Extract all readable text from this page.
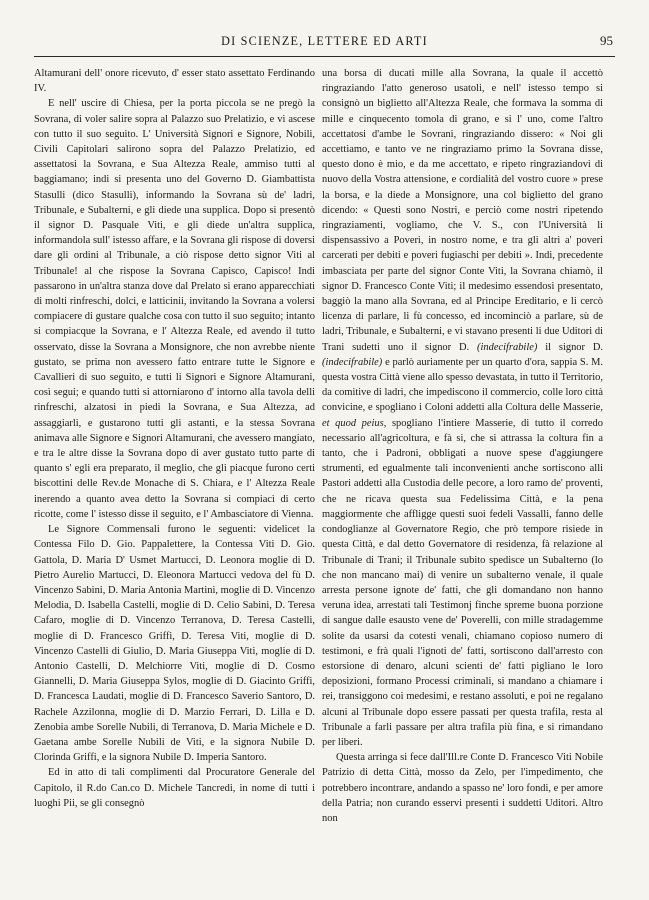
DI SCIENZE, LETTERE ED ARTI	95

Altamurani dell' onore ricevuto, d' esser stato assettato Ferdinando IV.

E nell' uscire di Chiesa, per la porta piccola se ne pregò la Sovrana, di voler salire sopra al Palazzo suo Prelatizio, e vi ascese con tutto il suo seguito. L' Università Signori e Signore, Nobili, Civili Capitolari salirono sopra del Palazzo Prelatizio, ed assettatosi la Sovrana, e Sua Altezza Reale, ammiso tutti al baggiamano; indi si presenta uno del Governo D. Giambattista Stasulli (dico Stasulli), informando la Sovrana sù de' ladri, Tribunale, e Subalterni, e gli diede una supplica. Dopo si presentò il signor D. Pasquale Viti, e gli diede un'altra supplica, informandola sull' istesso affare, e la Sovrana gli rispose di doversi dare gli ordini al Tribunale, a ciò rispose detto signor Viti al Tribunale! al che rispose la Sovrana Capisco, Capisco! Indi passarono in un'altra stanza dove dal Prelato si erano apparecchiati di molti rinfreschi, dolci, e latticinii, invitando la Sovrana a volersi compiacere di gustare qualche cosa con tutto il suo seguito; intanto si compiacque la Sovrana, e l' Altezza Reale, ed avendo il tutto osservato, disse la Sovrana a Monsignore, che non avrebbe niente gustato, se prima non avessero fatto entrare tutte le Signore e Cavallieri di suo seguito, e tutti li Signori e Signore Altamurani, così segui; e quando tutti si attorniarono d' intorno alla tavola delli rinfreschi, alzatosi in piedi la Sovrana, e Sua Altezza, ad assaggiarli, e gustarono tutti gli astanti, e la stessa Sovrana animava alle Signore e Signori Altamurani, che avessero mangiato, e tra le altre disse la Sovrana dopo di aver gustato tutto parte di quanto s' egli era preparato, il meglio, che gli piacque furono certi biscottini delle Rev.de Monache di S. Chiara, e l' Altezza Reale inerendo a quanto avea detto la Sovrana si compiacì di certo ricotte, come l' istesso disse il seguito, e l' Ambasciatore di Vienna.

Le Signore Commensali furono le seguenti: videlicet la Contessa Filo D. Gio. Pappalettere, la Contessa Viti D. Gio. Gattola, D. Maria D' Usmet Martucci, D. Leonora moglie di D. Pietro Aurelio Martucci, D. Eleonora Martucci vedova del fù D. Vincenzo Sabini, D. Maria Antonia Martini, moglie di D. Vincenzo Melodia, D. Isabella Castelli, moglie di D. Celio Sabini, D. Teresa Cafaro, moglie di D. Vincenzo Terranova, D. Teresa Castelli, moglie di D. Francesco Griffi, D. Teresa Viti, moglie di D. Vincenzo Castelli di Giulio, D. Maria Giuseppa Viti, moglie di D. Antonio Castelli, D. Melchiorre Viti, moglie di D. Cosmo Giannelli, D. Maria Giuseppa Sylos, moglie di D. Giacinto Griffi, D. Francesca Laudati, moglie di D. Francesco Saverio Santoro, D. Rachele Azzilonna, moglie di D. Marzio Ferrari, D. Lilla e D. Zenobia ambe Sorelle Nubili, di Terranova, D. Maria Michele e D. Gaetana ambe Sorelle Nubili de Viti, e la signora Nubile D. Clorinda Griffi, e la signora Nubile D. Imperia Santoro.

Ed in atto di tali complimenti dal Procuratore Generale del Capitolo, il R.do Can.co D. Michele Tancredi, in nome di tutti i luoghi Pii, se gli consegnò

una borsa di ducati mille alla Sovrana, la quale il accettò ringraziando l'atto generoso usatoli, e nell' istesso tempo si consignò un biglietto all'Altezza Reale, che formava la somma di mille e cinquecento tomola di grano, e si l' uno, come l'altro accettatosi d'ambe le Sovrani, ringraziando dissero: « Noi gli accettiamo, e tanto ve ne ringraziamo primo la Sovrana disse, questo dono è mio, e da me accettato, e ripeto ringraziandovi di nuovo della Vostra attensione, e cordialità del vostro cuore » prese la borsa, e la diede a Monsignore, una col biglietto del grano dicendo: « Questi sono Nostri, e perciò come nostri ripetendo ringraziamenti, vogliamo, che V. S., con l'Università li dispensassivo a Poveri, in nostro nome, e tra gli altri a' poveri carcerati per debiti e poveri fugiaschi per debiti ». Indi, precedente imbasciata per parte del signor Conte Viti, la Sovrana chiamò, il signor D. Francesco Conte Viti; il medesimo essendosi presentato, baggiò la mano alla Sovrana, ed al Principe Ereditario, e li cercò licenza di parlare, li fù concesso, ed incominciò a parlare, sù de ladri, Tribunale, e Subalterni, e vi stavano presenti li due Uditori di Trani sudetti uno il signor D. (indecifrabile) il signor D. (indecifrabile) e parlò auriamente per un quarto d'ora, sappia S. M. questa vostra Città viene allo spesso devastata, in tutto il Territorio, da comitive di ladri, che impediscono il commercio, colle loro città convicine, e spogliano i Coloni addetti alla Coltura delle Masserie, et quod peius, spogliano l'intiere Masserie, di tutto il corredo necessario all'agricoltura, e fà si, che si attrassa la coltura fin a tanto, che i Padroni, obbligati a nuove spese d'aggiungere strumenti, ed egualmente tali inconvenienti anche sortiscono alli Pastori addetti alla Custodia delle pecore, a loro ramo de' proventi, che ne ricava questa sua Fedelissima Città, e la pena maggiormente che affligge questi suoi fedeli Vassalli, fanno delle condoglianze al Governatore Regio, che prò tempore risiede in questa Città, e dal detto Governatore di residenza, fà relazione al Tribunale di Trani; il Tribunale subito spedisce un Subalterno (lo che non mancano mai) di venire un subalterno venale, il quale arresta persone ignote de' fatti, che gli domandano non hanno veruna idea, arrestati tali Testimonj finche spreme buona porzione di sangue dalle esausto vene de' Poverelli, con mille stradagemme solite da usarsi da cotesti venali, chiamano copioso numero di testimoni, e frà quali l'ignoti de' fatti, sortiscono dall'arresto con estorsione di denaro, alcuni scienti de' fatti pigliano le loro deposizioni, formano Processi criminali, si mandano a chiamare i rei, transiggono coi medesimi, e restano assoluti, e poi ne regalano alcuni al Tribunale dopo essere passati per questa trafila, resta al Tribunale a farli passare per altra trafila più fina, e si rimandano per liberi.

Questa arringa si fece dall'Ill.re Conte D. Francesco Viti Nobile Patrizio di detta Città, mosso da Zelo, per l'impedimento, che potrebbero incontrare, andando a spasso ne' loro fondi, e per amore della Patria; non curando esservi presenti i suddetti Uditori. Altro non
